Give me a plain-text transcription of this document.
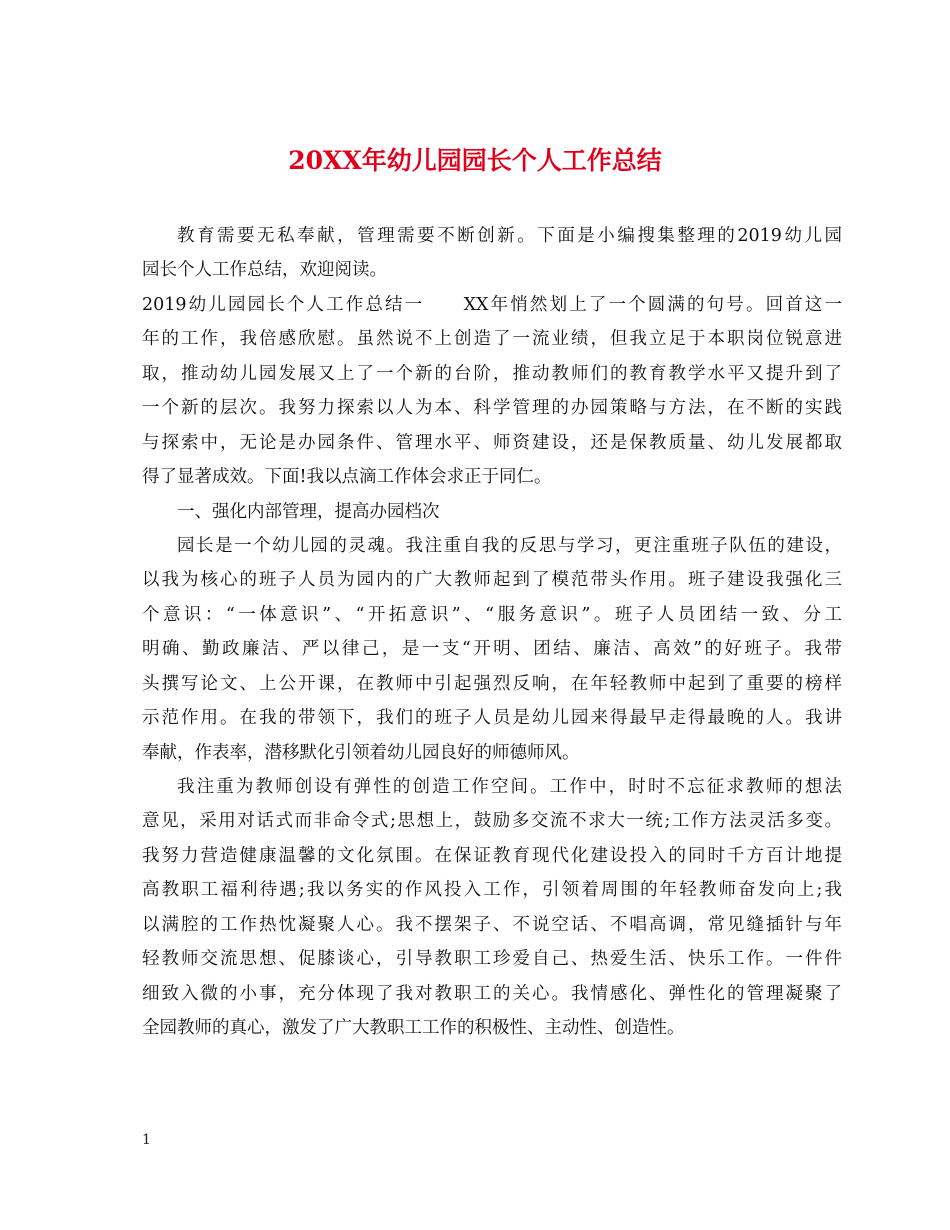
20XX年幼儿园园长个人工作总结
教育需要无私奉献，管理需要不断创新。下面是小编搜集整理的2019幼儿园
园长个人工作总结，欢迎阅读。
2019幼儿园园长个人工作总结一　　XX年悄然划上了一个圆满的句号。回首这一
年的工作，我倍感欣慰。虽然说不上创造了一流业绩，但我立足于本职岗位锐意进
取，推动幼儿园发展又上了一个新的台阶，推动教师们的教育教学水平又提升到了
一个新的层次。我努力探索以人为本、科学管理的办园策略与方法，在不断的实践
与探索中，无论是办园条件、管理水平、师资建设，还是保教质量、幼儿发展都取
得了显著成效。下面!我以点滴工作体会求正于同仁。
一、强化内部管理，提高办园档次
园长是一个幼儿园的灵魂。我注重自我的反思与学习，更注重班子队伍的建设，
以我为核心的班子人员为园内的广大教师起到了模范带头作用。班子建设我强化三
个意识：“一体意识”、“开拓意识”、“服务意识”。班子人员团结一致、分工
明确、勤政廉洁、严以律己，是一支“开明、团结、廉洁、高效”的好班子。我带
头撰写论文、上公开课，在教师中引起强烈反响，在年轻教师中起到了重要的榜样
示范作用。在我的带领下，我们的班子人员是幼儿园来得最早走得最晚的人。我讲
奉献，作表率，潜移默化引领着幼儿园良好的师德师风。
我注重为教师创设有弹性的创造工作空间。工作中，时时不忘征求教师的想法
意见，采用对话式而非命令式;思想上，鼓励多交流不求大一统;工作方法灵活多变。
我努力营造健康温馨的文化氛围。在保证教育现代化建设投入的同时千方百计地提
高教职工福利待遇;我以务实的作风投入工作，引领着周围的年轻教师奋发向上;我
以满腔的工作热忱凝聚人心。我不摆架子、不说空话、不唱高调，常见缝插针与年
轻教师交流思想、促膝谈心，引导教职工珍爱自己、热爱生活、快乐工作。一件件
细致入微的小事，充分体现了我对教职工的关心。我情感化、弹性化的管理凝聚了
全园教师的真心，激发了广大教职工工作的积极性、主动性、创造性。
1
